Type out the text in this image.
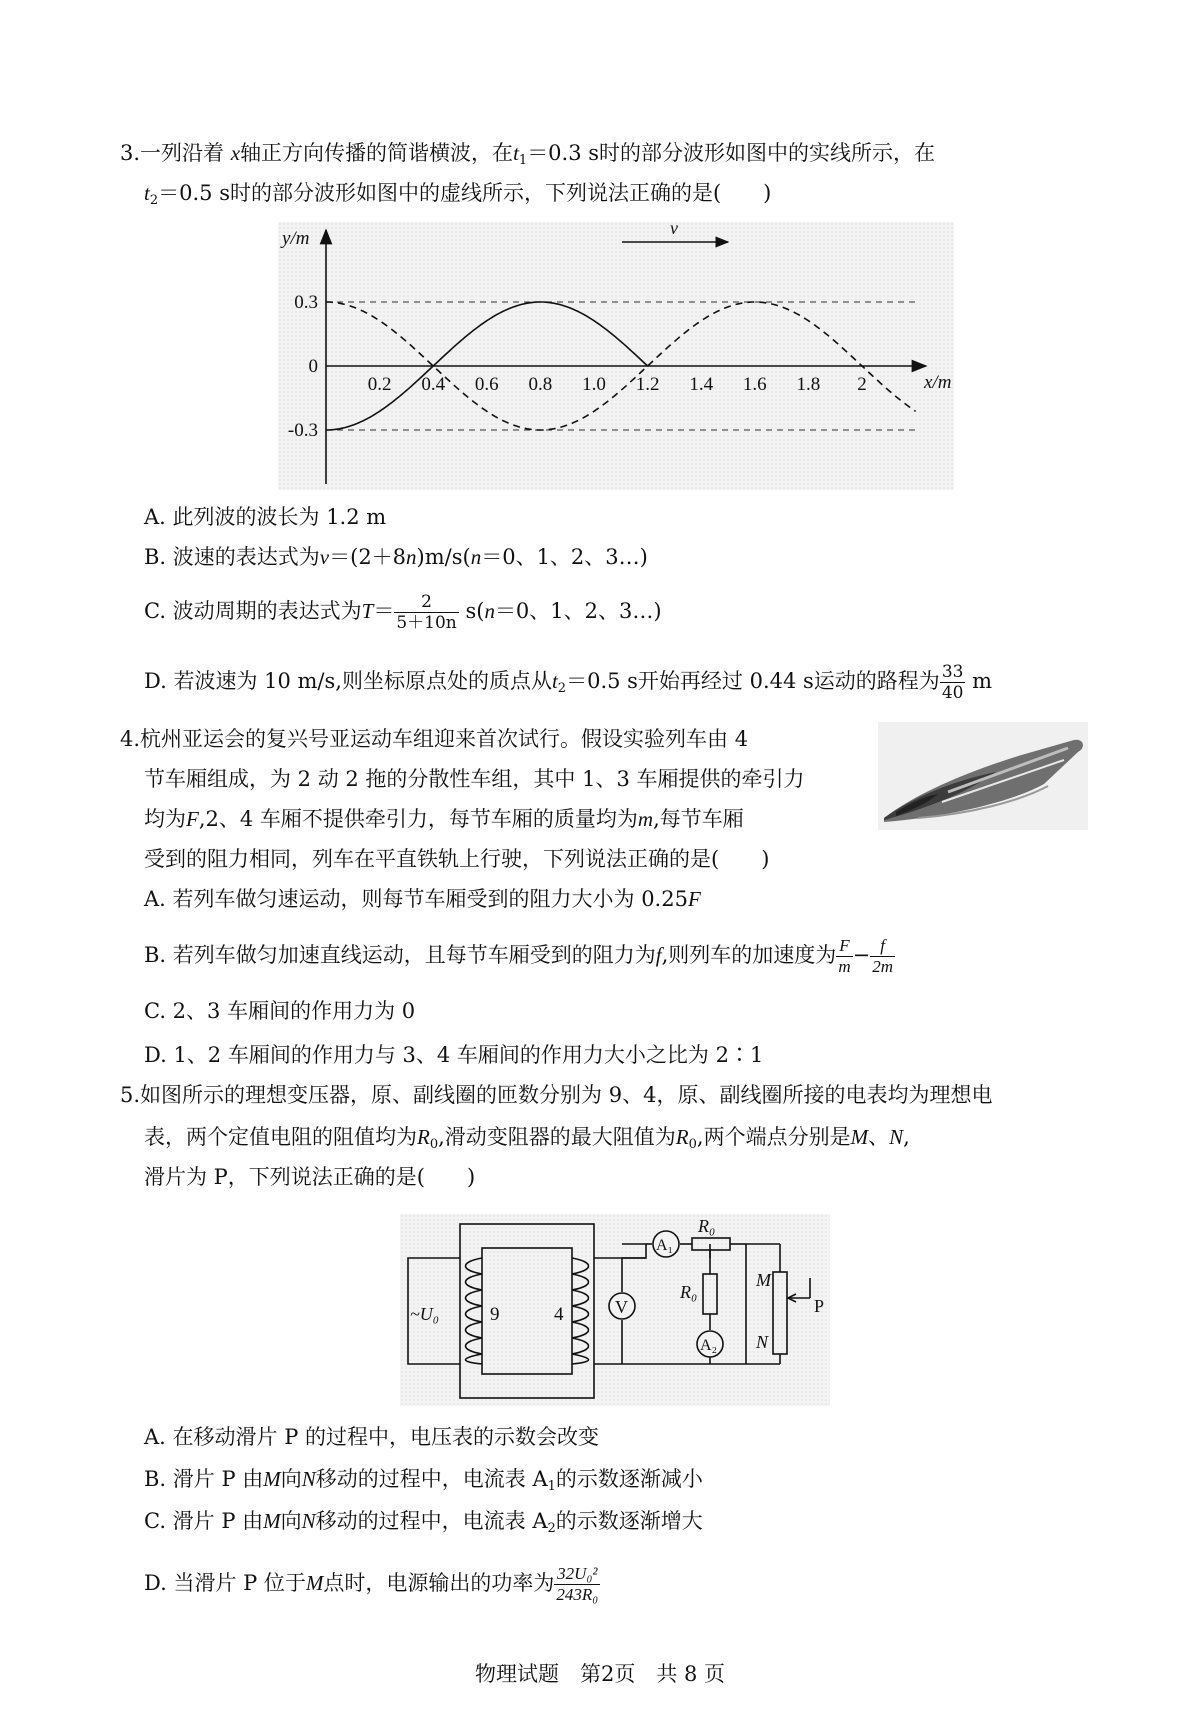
3.一列沿着 x轴正方向传播的简谐横波，在$t_1=0.3$ s时的部分波形如图中的实线所示，在
$t_2=0.5$ s时的部分波形如图中的虚线所示，下列说法正确的是(　　)
y/m
x/m
v
0.3
0
-0.3
0.2 0.4 0.6 0.8 1.0 1.2 1.4 1.6 1.8 2
A. 此列波的波长为 1.2 m
B. 波速的表达式为v＝(2＋8n)m/s(n＝0、1、2、3…)
C. 波动周期的表达式为$T= \frac{2}{5+10n} s(n=0$、1、2、3…)
D. 若波速为 10 m/s,则坐标原点处的质点从$t_2=0.5$ s开始再经过 0.44 s运动的路程为 $\frac{33}{40}$ m
4.杭州亚运会的复兴号亚运动车组迎来首次试行。假设实验列车由 4
节车厢组成，为 2 动 2 拖的分散性车组，其中 1、3 车厢提供的牵引力
均为F,2、4 车厢不提供牵引力，每节车厢的质量均为m,每节车厢
受到的阻力相同，列车在平直铁轨上行驶，下列说法正确的是(　　)
A. 若列车做匀速运动，则每节车厢受到的阻力大小为 0.25F
B. 若列车做匀加速直线运动，且每节车厢受到的阻力为f,则列车的加速度为 $\frac{F}{m} - \frac{f}{2m}$
C. 2、3 车厢间的作用力为 0
D. 1、2 车厢间的作用力与 3、4 车厢间的作用力大小之比为 2∶1
5.如图所示的理想变压器，原、副线圈的匝数分别为 9、4，原、副线圈所接的电表均为理想电
表，两个定值电阻的阻值均为$R_0$,滑动变阻器的最大阻值为$R_0$,两个端点分别是M、N,
滑片为 P，下列说法正确的是(　　)
V
A₁
R₀
P
M
N
A₂
R₀
~U₀	9	4
A. 在移动滑片 P 的过程中，电压表的示数会改变
B. 滑片 P 由M向N移动的过程中，电流表 $A_1$的示数逐渐减小
C. 滑片 P 由M向N移动的过程中，电流表 $A_2$的示数逐渐增大
D. 当滑片 P 位于M点时，电源输出的功率为 $\frac{\text{32U₀²}}{\text{243R₀}}$
物理试题　第2页　共 8 页
